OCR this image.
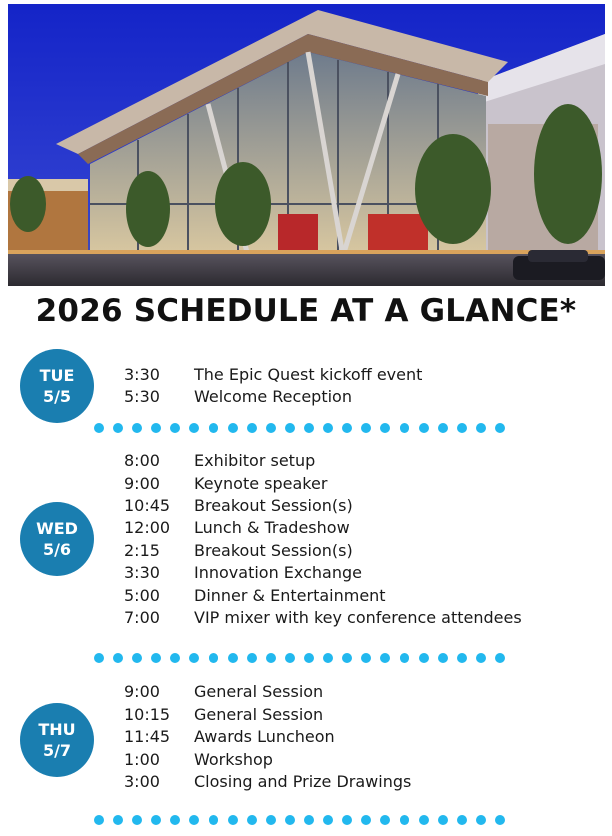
2026 SCHEDULE AT A GLANCE*
TUE
5/5
3:30 The Epic Quest kickoff event
5:30 Welcome Reception
WED
5/6
8:00 Exhibitor setup
9:00 Keynote speaker
10:45 Breakout Session(s)
12:00 Lunch & Tradeshow
2:15 Breakout Session(s)
3:30 Innovation Exchange
5:00 Dinner & Entertainment
7:00 VIP mixer with key conference attendees
THU
5/7
9:00 General Session
10:15 General Session
11:45 Awards Luncheon
1:00 Workshop
3:00 Closing and Prize Drawings
